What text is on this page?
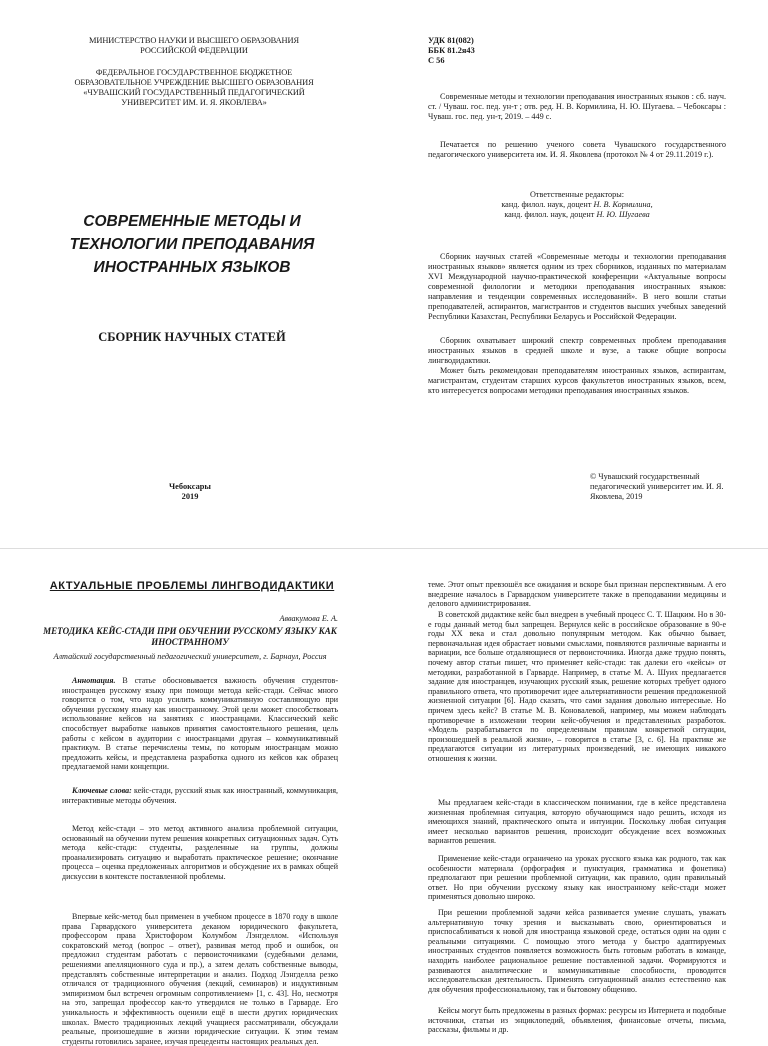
МИНИСТЕРСТВО НАУКИ И ВЫСШЕГО ОБРАЗОВАНИЯ РОССИЙСКОЙ ФЕДЕРАЦИИ

ФЕДЕРАЛЬНОЕ ГОСУДАРСТВЕННОЕ БЮДЖЕТНОЕ ОБРАЗОВАТЕЛЬНОЕ УЧРЕЖДЕНИЕ ВЫСШЕГО ОБРАЗОВАНИЯ «ЧУВАШСКИЙ ГОСУДАРСТВЕННЫЙ ПЕДАГОГИЧЕСКИЙ УНИВЕРСИТЕТ ИМ. И. Я. ЯКОВЛЕВА»

СОВРЕМЕННЫЕ МЕТОДЫ И ТЕХНОЛОГИИ ПРЕПОДАВАНИЯ ИНОСТРАННЫХ ЯЗЫКОВ

СБОРНИК НАУЧНЫХ СТАТЕЙ

Чебоксары
2019
УДК 81(082)
ББК 81.2я43
С 56

Современные методы и технологии преподавания иностранных языков : сб. науч. ст. / Чуваш. гос. пед. ун-т ; отв. ред. Н. В. Кормилина, Н. Ю. Шугаева. – Чебоксары : Чуваш. гос. пед. ун-т, 2019. – 449 с.

Печатается по решению ученого совета Чувашского государственного педагогического университета им. И. Я. Яковлева (протокол № 4 от 29.11.2019 г.).

Ответственные редакторы:

канд. филол. наук, доцент Н. В. Кормилина,

канд. филол. наук, доцент Н. Ю. Шугаева

Сборник научных статей «Современные методы и технологии преподавания иностранных языков» является одним из трех сборников, изданных по материалам XVI Международной научно-практической конференции «Актуальные вопросы современной филологии и методики преподавания иностранных языков: направления и тенденции современных исследований». В него вошли статьи преподавателей, аспирантов, магистрантов и студентов высших учебных заведений Республики Казахстан, Республики Беларусь и Российской Федерации.

Сборник охватывает широкий спектр современных проблем преподавания иностранных языков в средней школе и вузе, а также общие вопросы лингводидактики.

Может быть рекомендован преподавателям иностранных языков, аспирантам, магистрантам, студентам старших курсов факультетов иностранных языков, всем, кто интересуется вопросами методики преподавания иностранных языков.

© Чувашский государственный педагогический университет им. И. Я. Яковлева, 2019

АКТУАЛЬНЫЕ ПРОБЛЕМЫ ЛИНГВОДИДАКТИКИ

Аввакумова Е. А.

МЕТОДИКА КЕЙС-СТАДИ ПРИ ОБУЧЕНИИ РУССКОМУ ЯЗЫКУ КАК ИНОСТРАННОМУ

Алтайский государственный педагогический университет, г. Барнаул, Россия

Аннотация. В статье обосновывается важность обучения студентов-иностранцев русскому языку при помощи метода кейс-стади. Сейчас много говорится о том, что надо усилить коммуникативную составляющую при обучении русскому языку как иностранному. Этой цели может способствовать использование кейсов на занятиях с иностранцами. Классический кейс способствует выработке навыков принятия самостоятельного решения, цель работы с кейсом в аудитории с иностранцами другая – коммуникативный практикум. В статье перечислены темы, по которым иностранцам можно предложить кейсы, и представлена разработка одного из кейсов как образец предлагаемой нами концепции.

Ключевые слова: кейс-стади, русский язык как иностранный, коммуникация, интерактивные методы обучения.

Метод кейс-стади – это метод активного анализа проблемной ситуации, основанный на обучении путем решения конкретных ситуационных задач. Суть метода кейс-стади: студенты, разделенные на группы, должны проанализировать ситуацию и выработать практическое решение; окончание процесса – оценка предложенных алгоритмов и обсуждение их в рамках общей дискуссии в контексте поставленной проблемы.

Впервые кейс-метод был применен в учебном процессе в 1870 году в школе права Гарвардского университета деканом юридического факультета, профессором права Христофором Колумбом Лэнгделлом. «Используя сократовский метод (вопрос – ответ), развивая метод проб и ошибок, он предложил студентам работать с первоисточниками (судебными делами, решениями апелляционного суда и пр.), а затем делать собственные выводы, представлять собственные интерпретации и анализ. Подход Лэнгделла резко отличался от традиционного обучения (лекций, семинаров) и индуктивным эмпиризмом был встречен огромным сопротивлением» [1, с. 43]. Но, несмотря на это, запрещал профессор как-то утвердился не только в Гарварде. Его уникальность и эффективность оценили ещё в шести других юридических школах. Вместо традиционных лекций учащиеся рассматривали, обсуждали реальные, произошедшие в жизни юридические ситуации. К этим темам студенты готовились заранее, изучая прецеденты настоящих реальных дел.

теме. Этот опыт превзошёл все ожидания и вскоре был признан перспективным. А его внедрение началось в Гарвардском университете также в преподавании медицины и делового администрирования.

В советской дидактике кейс был внедрен в учебный процесс С. Т. Шацким. Но в 30-е годы данный метод был запрещен. Вернулся кейс в российское образование в 90-е годы XX века и стал довольно популярным методом. Как обычно бывает, первоначальная идея обрастает новыми смыслами, появляются различные варианты и вариации, все больше отдаляющиеся от первоисточника. Иногда даже трудно понять, почему автор статьи пишет, что применяет кейс-стади: так далеки его «кейсы» от методики, разработанной в Гарварде. Например, в статье М. А. Шуих предлагается задание для иностранцев, изучающих русский язык, решение которых требует одного правильного ответа, что противоречит идее альтернативности решения предложенной жизненной ситуации [6]. Надо сказать, что сами задания довольно интересные. Но причем здесь кейс? В статье М. В. Коновалевой, например, мы можем наблюдать противоречие в изложении теории кейс-обучения и представленных разработок. «Модель разрабатывается по определенным правилам конкретной ситуации, произошедшей в реальной жизни», – говорится в статье [3, с. 6]. На практике же предлагаются ситуации из литературных произведений, не имеющих никакого отношения к жизни.

Мы предлагаем кейс-стади в классическом понимании, где в кейсе представлена жизненная проблемная ситуация, которую обучающимся надо решить, исходя из имеющихся знаний, практического опыта и интуиции. Поскольку любая ситуация имеет несколько вариантов решения, происходит обсуждение всех возможных вариантов решения.

Применение кейс-стади ограничено на уроках русского языка как родного, так как особенности материала (орфография и пунктуация, грамматика и фонетика) предполагают при решении проблемной ситуации, как правило, один правильный ответ. Но при обучении русскому языку как иностранному кейс-стади может применяться довольно широко.

При решении проблемной задачи кейса развивается умение слушать, уважать альтернативную точку зрения и высказывать свою, ориентироваться и приспосабливаться к новой для иностранца языковой среде, остаться один на один с реальными ситуациями. С помощью этого метода у быстро адаптируемых иностранных студентов появляется возможность быть готовым работать в команде, находить наиболее рациональное решение поставленной задачи. Формируются и развиваются аналитические и коммуникативные способности, проводится исследовательская деятельность. Применять ситуационный анализ естественно как для обучения профессиональному, так и бытовому общению.

Кейсы могут быть предложены в разных формах: ресурсы из Интернета и подобные источники, статьи из энциклопедий, объявления, финансовые отчеты, письма, рассказы, фильмы и др.
